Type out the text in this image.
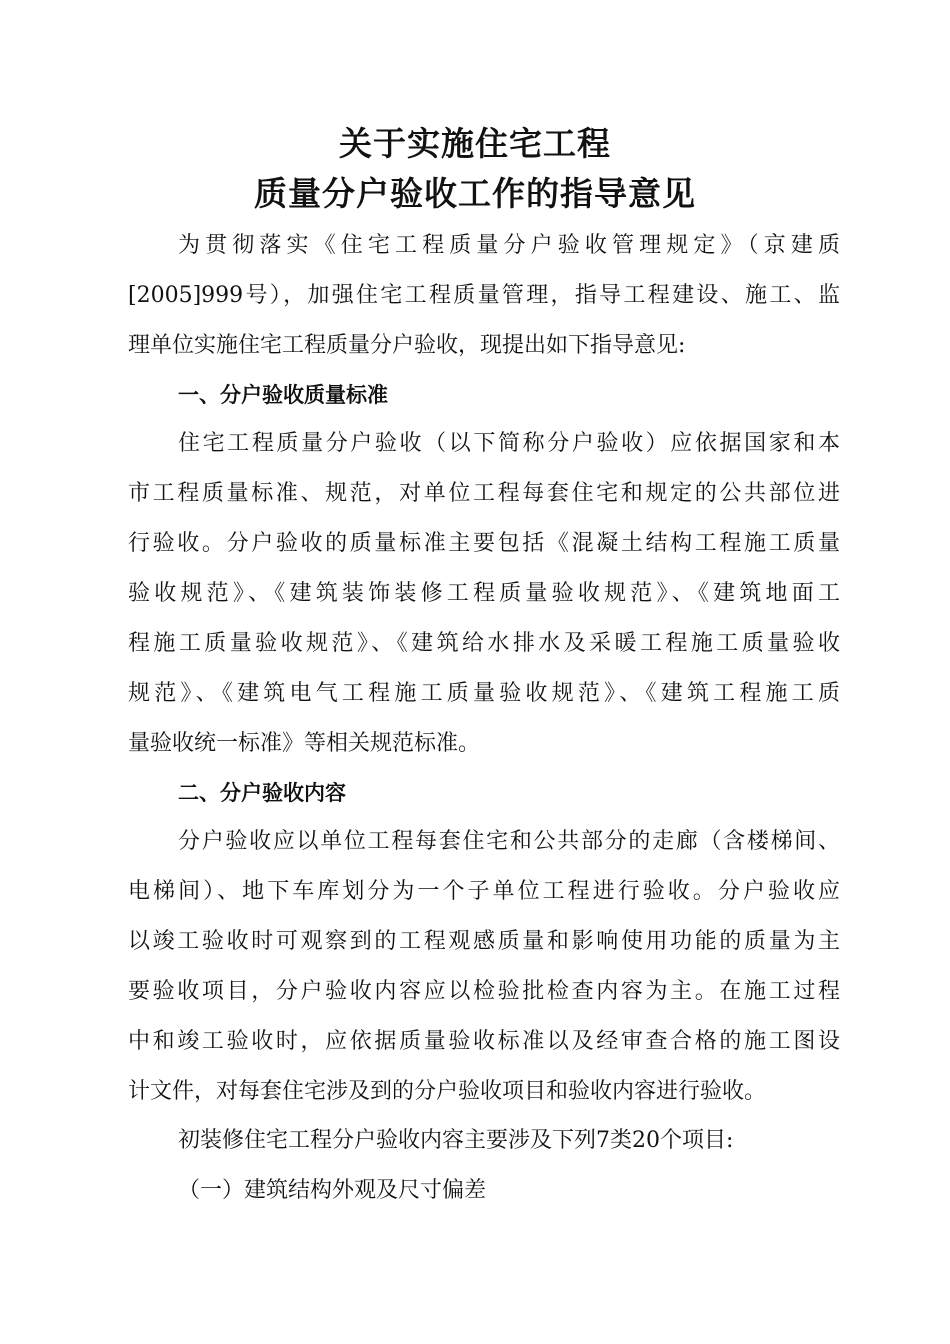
关于实施住宅工程
质量分户验收工作的指导意见
为贯彻落实《住宅工程质量分户验收管理规定》（京建质
[2005]999号），加强住宅工程质量管理，指导工程建设、施工、监
理单位实施住宅工程质量分户验收，现提出如下指导意见:
一、分户验收质量标准
住宅工程质量分户验收（以下简称分户验收）应依据国家和本
市工程质量标准、规范，对单位工程每套住宅和规定的公共部位进
行验收。分户验收的质量标准主要包括《混凝土结构工程施工质量
验收规范》、《建筑装饰装修工程质量验收规范》、《建筑地面工
程施工质量验收规范》、《建筑给水排水及采暖工程施工质量验收
规范》、《建筑电气工程施工质量验收规范》、《建筑工程施工质
量验收统一标准》等相关规范标准。
二、分户验收内容
分户验收应以单位工程每套住宅和公共部分的走廊（含楼梯间、
电梯间）、地下车库划分为一个子单位工程进行验收。分户验收应
以竣工验收时可观察到的工程观感质量和影响使用功能的质量为主
要验收项目，分户验收内容应以检验批检查内容为主。在施工过程
中和竣工验收时，应依据质量验收标准以及经审查合格的施工图设
计文件，对每套住宅涉及到的分户验收项目和验收内容进行验收。
初装修住宅工程分户验收内容主要涉及下列7类20个项目:
（一）建筑结构外观及尺寸偏差
